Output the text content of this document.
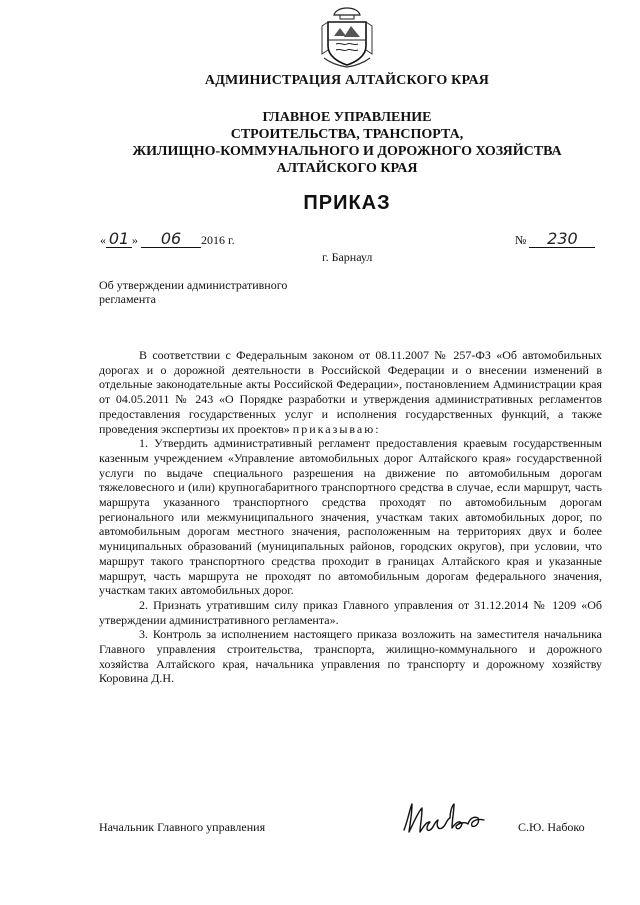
АДМИНИСТРАЦИЯ АЛТАЙСКОГО КРАЯ
ГЛАВНОЕ УПРАВЛЕНИЕ
СТРОИТЕЛЬСТВА, ТРАНСПОРТА,
ЖИЛИЩНО-КОММУНАЛЬНОГО И ДОРОЖНОГО ХОЗЯЙСТВА
АЛТАЙСКОГО КРАЯ
ПРИКАЗ
« 01 » 06 2016 г.	№ 230
г. Барнаул
Об утверждении административного
регламента

В соответствии с Федеральным законом от 08.11.2007 № 257-ФЗ «Об автомобильных дорогах и о дорожной деятельности в Российской Федерации и о внесении изменений в отдельные законодательные акты Российской Федерации», постановлением Администрации края от 04.05.2011 № 243 «О Порядке разработки и утверждения административных регламентов предоставления государственных услуг и исполнения государственных функций, а также проведения экспертизы их проектов» приказываю:

1. Утвердить административный регламент предоставления краевым государственным казенным учреждением «Управление автомобильных дорог Алтайского края» государственной услуги по выдаче специального разрешения на движение по автомобильным дорогам тяжеловесного и (или) крупногабаритного транспортного средства в случае, если маршрут, часть маршрута указанного транспортного средства проходят по автомобильным дорогам регионального или межмуниципального значения, участкам таких автомобильных дорог, по автомобильным дорогам местного значения, расположенным на территориях двух и более муниципальных образований (муниципальных районов, городских округов), при условии, что маршрут такого транспортного средства проходит в границах Алтайского края и указанные маршрут, часть маршрута не проходят по автомобильным дорогам федерального значения, участкам таких автомобильных дорог.

2. Признать утратившим силу приказ Главного управления от 31.12.2014 № 1209 «Об утверждении административного регламента».

3. Контроль за исполнением настоящего приказа возложить на заместителя начальника Главного управления строительства, транспорта, жилищно-коммунального и дорожного хозяйства Алтайского края, начальника управления по транспорту и дорожному хозяйству Коровина Д.Н.

Начальник Главного управления	С.Ю. Набоко
